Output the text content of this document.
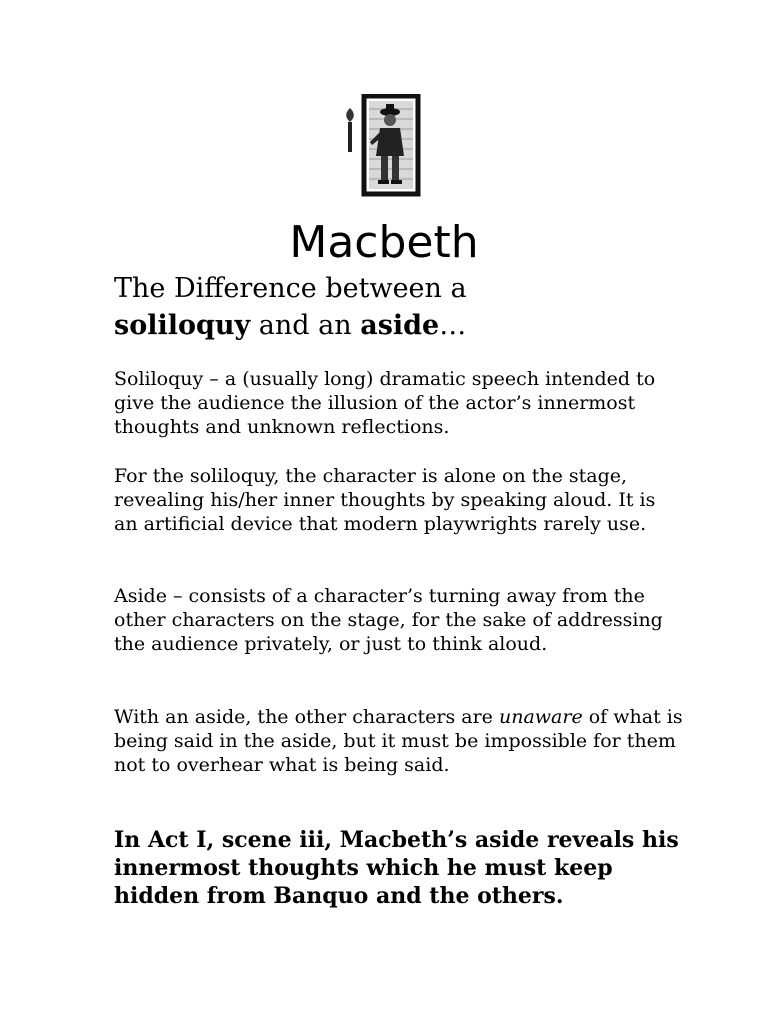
Macbeth
The Difference between a
soliloquy and an aside…

Soliloquy – a (usually long) dramatic speech intended to give the audience the illusion of the actor’s innermost thoughts and unknown reflections.

For the soliloquy, the character is alone on the stage, revealing his/her inner thoughts by speaking aloud. It is an artificial device that modern playwrights rarely use.

Aside – consists of a character’s turning away from the other characters on the stage, for the sake of addressing the audience privately, or just to think aloud.

With an aside, the other characters are unaware of what is being said in the aside, but it must be impossible for them not to overhear what is being said.

In Act I, scene iii, Macbeth’s aside reveals his innermost thoughts which he must keep hidden from Banquo and the others.
